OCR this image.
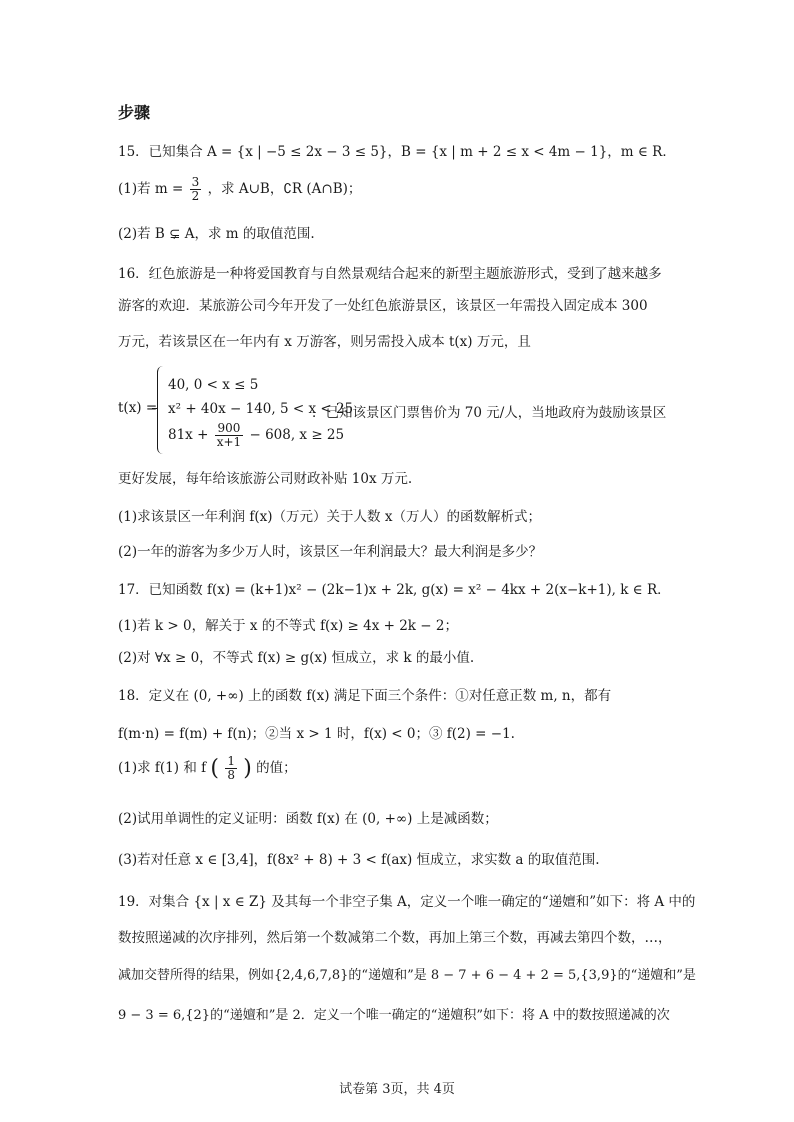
步骤
15．已知集合 A = {x | −5 ≤ 2x − 3 ≤ 5}，B = {x | m + 2 ≤ x < 4m − 1}，m ∈ R．
(1)若 $m = \frac{3}{2}$ ，求 A∪B，∁R (A∩B)；
(2)若 B ⊊ A，求 m 的取值范围.
16．红色旅游是一种将爱国教育与自然景观结合起来的新型主题旅游形式，受到了越来越多
游客的欢迎．某旅游公司今年开发了一处红色旅游景区，该景区一年需投入固定成本 300
万元，若该景区在一年内有 x 万游客，则另需投入成本 t(x) 万元，且
t(x) =
40, 0 < x ≤ 5
x² + 40x − 140, 5 < x < 25
$81x + \frac{900}{x+1} - 608$, x ≥ 25
．已知该景区门票售价为 70 元/人，当地政府为鼓励该景区
更好发展，每年给该旅游公司财政补贴 10x 万元.
(1)求该景区一年利润 f(x)（万元）关于人数 x（万人）的函数解析式；
(2)一年的游客为多少万人时，该景区一年利润最大？最大利润是多少？
17．已知函数 f(x) = (k+1)x² − (2k−1)x + 2k, g(x) = x² − 4kx + 2(x−k+1), k ∈ R．
(1)若 k > 0，解关于 x 的不等式 f(x) ≥ 4x + 2k − 2；
(2)对 ∀x ≥ 0，不等式 f(x) ≥ g(x) 恒成立，求 k 的最小值.
18．定义在 (0, +∞) 上的函数 f(x) 满足下面三个条件：①对任意正数 m, n，都有
f(m·n) = f(m) + f(n)；②当 x > 1 时，f(x) < 0；③ f(2) = −1.
(1)求 f(1) 和 f ( $\frac{1}{8}$ ) 的值；
(2)试用单调性的定义证明：函数 f(x) 在 (0, +∞) 上是减函数；
(3)若对任意 x ∈ [3,4]，f(8x² + 8) + 3 < f(ax) 恒成立，求实数 a 的取值范围.
19．对集合 {x | x ∈ Z} 及其每一个非空子集 A，定义一个唯一确定的“递嬗和”如下：将 A 中的
数按照递减的次序排列，然后第一个数减第二个数，再加上第三个数，再减去第四个数，…，
减加交替所得的结果，例如{2,4,6,7,8}的“递嬗和”是 8 − 7 + 6 − 4 + 2 = 5,{3,9}的“递嬗和”是
9 − 3 = 6,{2}的“递嬗和”是 2．定义一个唯一确定的“递嬗积”如下：将 A 中的数按照递减的次
试卷第 3页，共 4页
